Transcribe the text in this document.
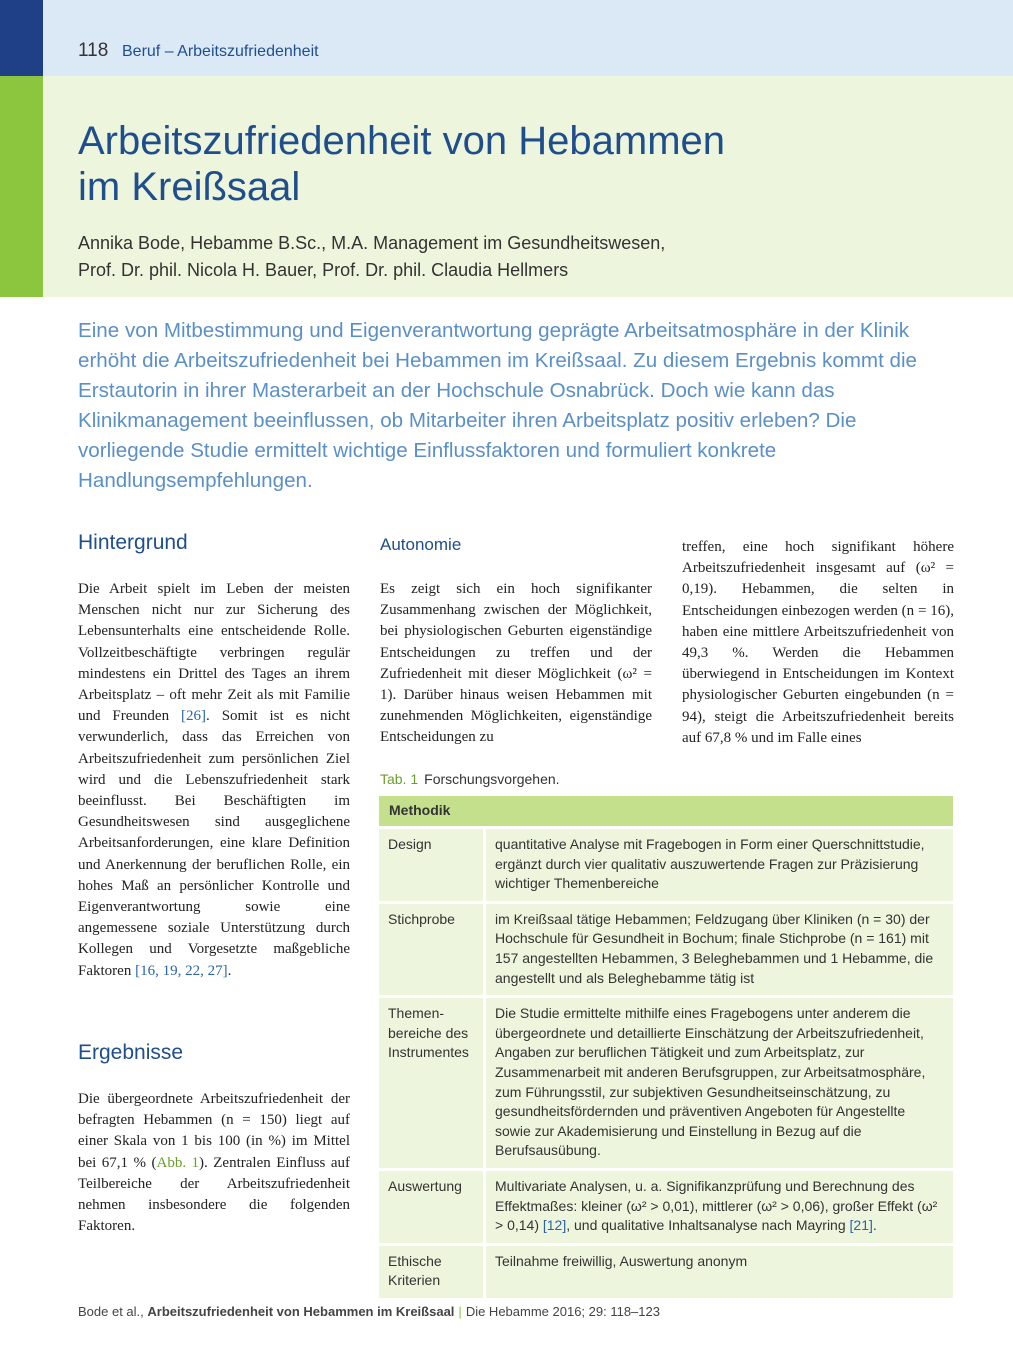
118 Beruf – Arbeitszufriedenheit
Arbeitszufriedenheit von Hebammen
im Kreißsaal
Annika Bode, Hebamme B.Sc., M.A. Management im Gesundheitswesen,
Prof. Dr. phil. Nicola H. Bauer, Prof. Dr. phil. Claudia Hellmers
Eine von Mitbestimmung und Eigenverantwortung geprägte Arbeitsatmosphäre in der Klinik erhöht die Arbeitszufriedenheit bei Hebammen im Kreißsaal. Zu diesem Ergebnis kommt die Erstautorin in ihrer Masterarbeit an der Hochschule Osnabrück. Doch wie kann das Klinikmanagement beeinflussen, ob Mitarbeiter ihren Arbeitsplatz positiv erleben? Die vorliegende Studie ermittelt wichtige Einflussfaktoren und formuliert konkrete Handlungsempfehlungen.
Hintergrund
Die Arbeit spielt im Leben der meisten Menschen nicht nur zur Sicherung des Lebensunterhalts eine entscheidende Rolle. Vollzeitbeschäftigte verbringen regulär mindestens ein Drittel des Tages an ihrem Arbeitsplatz – oft mehr Zeit als mit Familie und Freunden [26]. Somit ist es nicht verwunderlich, dass das Erreichen von Arbeitszufriedenheit zum persönlichen Ziel wird und die Lebenszufriedenheit stark beeinflusst. Bei Beschäftigten im Gesundheitswesen sind ausgeglichene Arbeitsanforderungen, eine klare Definition und Anerkennung der beruflichen Rolle, ein hohes Maß an persönlicher Kontrolle und Eigenverantwortung sowie eine angemessene soziale Unterstützung durch Kollegen und Vorgesetzte maßgebliche Faktoren [16, 19, 22, 27].
Ergebnisse
Die übergeordnete Arbeitszufriedenheit der befragten Hebammen (n = 150) liegt auf einer Skala von 1 bis 100 (in %) im Mittel bei 67,1 % (Abb. 1). Zentralen Einfluss auf Teilbereiche der Arbeitszufriedenheit nehmen insbesondere die folgenden Faktoren.
Autonomie
Es zeigt sich ein hoch signifikanter Zusammenhang zwischen der Möglichkeit, bei physiologischen Geburten eigenständige Entscheidungen zu treffen und der Zufriedenheit mit dieser Möglichkeit (ω² = 1). Darüber hinaus weisen Hebammen mit zunehmenden Möglichkeiten, eigenständige Entscheidungen zu
treffen, eine hoch signifikant höhere Arbeitszufriedenheit insgesamt auf (ω² = 0,19). Hebammen, die selten in Entscheidungen einbezogen werden (n = 16), haben eine mittlere Arbeitszufriedenheit von 49,3 %. Werden die Hebammen überwiegend in Entscheidungen im Kontext physiologischer Geburten eingebunden (n = 94), steigt die Arbeitszufriedenheit bereits auf 67,8 % und im Falle eines
Tab. 1 Forschungsvorgehen.
Methodik	
Design	quantitative Analyse mit Fragebogen in Form einer Querschnittstudie, ergänzt durch vier qualitativ auszuwertende Fragen zur Präzisierung wichtiger Themenbereiche
Stichprobe	im Kreißsaal tätige Hebammen; Feldzugang über Kliniken (n = 30) der Hochschule für Gesundheit in Bochum; finale Stichprobe (n = 161) mit 157 angestellten Hebammen, 3 Beleghebammen und 1 Hebamme, die angestellt und als Beleghebamme tätig ist
Themen-bereiche des Instrumentes	Die Studie ermittelte mithilfe eines Fragebogens unter anderem die übergeordnete und detaillierte Einschätzung der Arbeitszufriedenheit, Angaben zur beruflichen Tätigkeit und zum Arbeitsplatz, zur Zusammenarbeit mit anderen Berufsgruppen, zur Arbeitsatmosphäre, zum Führungsstil, zur subjektiven Gesundheitseinschätzung, zu gesundheitsfördernden und präventiven Angeboten für Angestellte sowie zur Akademisierung und Einstellung in Bezug auf die Berufsausübung.
Auswertung	Multivariate Analysen, u. a. Signifikanzprüfung und Berechnung des Effektmaßes: kleiner (ω² > 0,01), mittlerer (ω² > 0,06), großer Effekt (ω² > 0,14) [12], und qualitative Inhaltsanalyse nach Mayring [21].
Ethische Kriterien	Teilnahme freiwillig, Auswertung anonym
Bode et al., Arbeitszufriedenheit von Hebammen im Kreißsaal | Die Hebamme 2016; 29: 118–123
